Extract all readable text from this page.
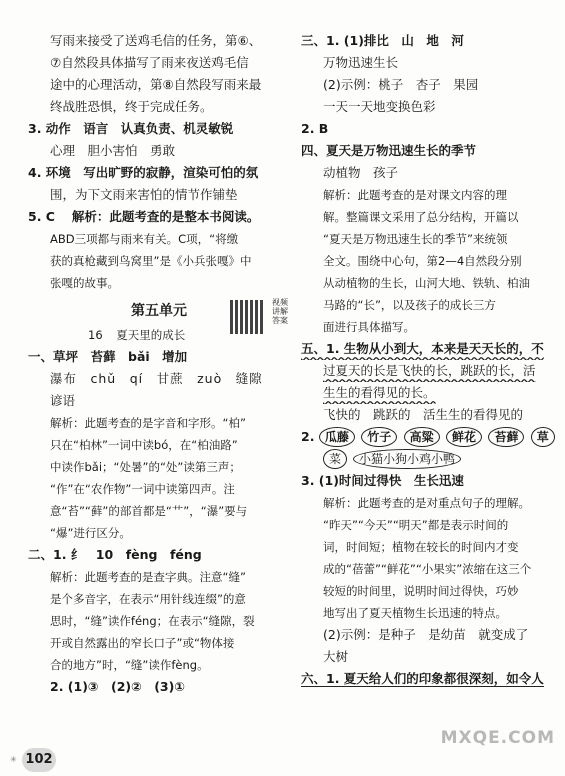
写雨来接受了送鸡毛信的任务，第⑥、
⑦自然段具体描写了雨来夜送鸡毛信
途中的心理活动，第⑧自然段写雨来最
终战胜恐惧，终于完成任务。
3. 动作　语言　认真负责、机灵敏锐
心理　胆小害怕　勇敢
4. 环境　写出旷野的寂静，渲染可怕的氛
围，为下文雨来害怕的情节作铺垫
5. C　 解析：此题考查的是整本书阅读。
ABD三项都与雨来有关。C项，“将缴
获的真枪藏到鸟窝里”是《小兵张嘎》中
张嘎的故事。
第五单元
视频讲解答案
16 夏天里的成长
一、草坪　苔藓　bǎi　增加
瀑布　chǔ　qí　甘蔗　zuò　缝隙
谚语
解析：此题考查的是字音和字形。“柏”
只在“柏林”一词中读bó，在“柏油路”
中读作bǎi；“处暑”的“处”读第三声；
“作”在“农作物”一词中读第四声。注
意“苔”“藓”的部首都是“艹”，“瀑”要与
“爆”进行区分。
二、1. 纟　10　fèng　féng
解析：此题考查的是查字典。注意“缝”
是个多音字，在表示“用针线连缀”的意
思时，“缝”读作féng；在表示“缝隙，裂
开或自然露出的窄长口子”或“物体接
合的地方”时，“缝”读作fèng。
2. (1)③　(2)②　(3)①
三、1. (1)排比　山　地　河
万物迅速生长
(2)示例：桃子　杏子　果园
一天一天地变换色彩
2. B
四、夏天是万物迅速生长的季节
动植物　孩子
解析：此题考查的是对课文内容的理
解。整篇课文采用了总分结构，开篇以
“夏天是万物迅速生长的季节”来统领
全文。围绕中心句，第2—4自然段分别
从动植物的生长，山河大地、铁轨、柏油
马路的“长”，以及孩子的成长三方
面进行具体描写。
五、1. 生物从小到大，本来是天天长的，不
过夏天的长是飞快的长，跳跃的长，活
生生的看得见的长。
飞快的　跳跃的　活生生的看得见的
2. 瓜藤 竹子 高粱 鲜花 苔藓 草
菜 小猫小狗小鸡小鸭
3. (1)时间过得快　生长迅速
解析：此题考查的是对重点句子的理解。
“昨天”“今天”“明天”都是表示时间的
词，时间短；植物在较长的时间内才变
成的“蓓蕾”“鲜花”“小果实”浓缩在这三个
较短的时间里，说明时间过得快，巧妙
地写出了夏天植物生长迅速的特点。
(2)示例：是种子　是幼苗　就变成了
大树
六、1. 夏天给人们的印象都很深刻，如令人
✳ 102
MXQE.COM
